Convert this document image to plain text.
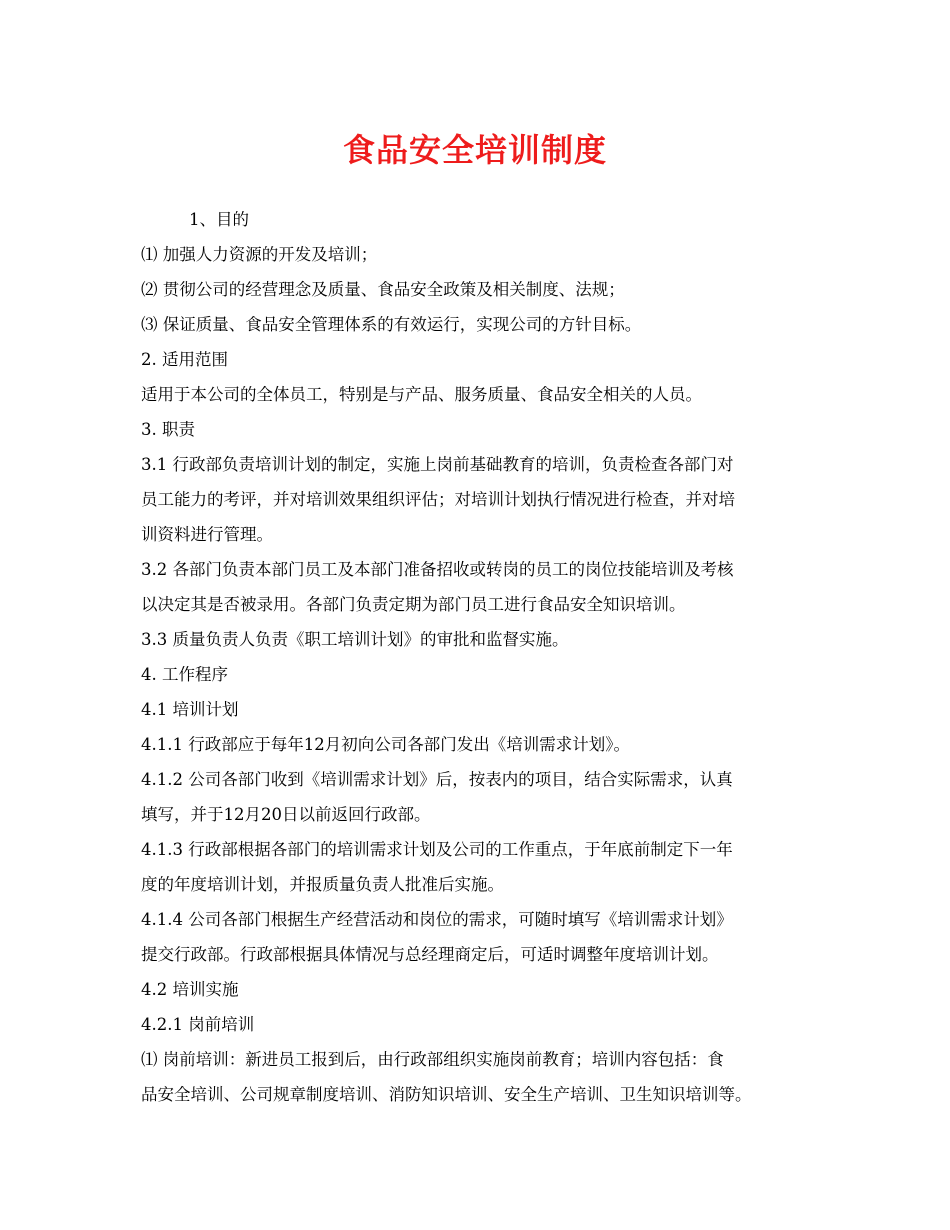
食品安全培训制度
1、目的
⑴ 加强人力资源的开发及培训；
⑵ 贯彻公司的经营理念及质量、食品安全政策及相关制度、法规；
⑶ 保证质量、食品安全管理体系的有效运行，实现公司的方针目标。
2. 适用范围
适用于本公司的全体员工，特别是与产品、服务质量、食品安全相关的人员。
3. 职责
3.1 行政部负责培训计划的制定，实施上岗前基础教育的培训，负责检查各部门对
员工能力的考评，并对培训效果组织评估；对培训计划执行情况进行检查，并对培
训资料进行管理。
3.2 各部门负责本部门员工及本部门准备招收或转岗的员工的岗位技能培训及考核
以决定其是否被录用。各部门负责定期为部门员工进行食品安全知识培训。
3.3 质量负责人负责《职工培训计划》的审批和监督实施。
4. 工作程序
4.1 培训计划
4.1.1 行政部应于每年12月初向公司各部门发出《培训需求计划》。
4.1.2 公司各部门收到《培训需求计划》后，按表内的项目，结合实际需求，认真
填写，并于12月20日以前返回行政部。
4.1.3 行政部根据各部门的培训需求计划及公司的工作重点，于年底前制定下一年
度的年度培训计划，并报质量负责人批准后实施。
4.1.4 公司各部门根据生产经营活动和岗位的需求，可随时填写《培训需求计划》
提交行政部。行政部根据具体情况与总经理商定后，可适时调整年度培训计划。
4.2 培训实施
4.2.1 岗前培训
⑴ 岗前培训：新进员工报到后，由行政部组织实施岗前教育；培训内容包括：食
品安全培训、公司规章制度培训、消防知识培训、安全生产培训、卫生知识培训等。
